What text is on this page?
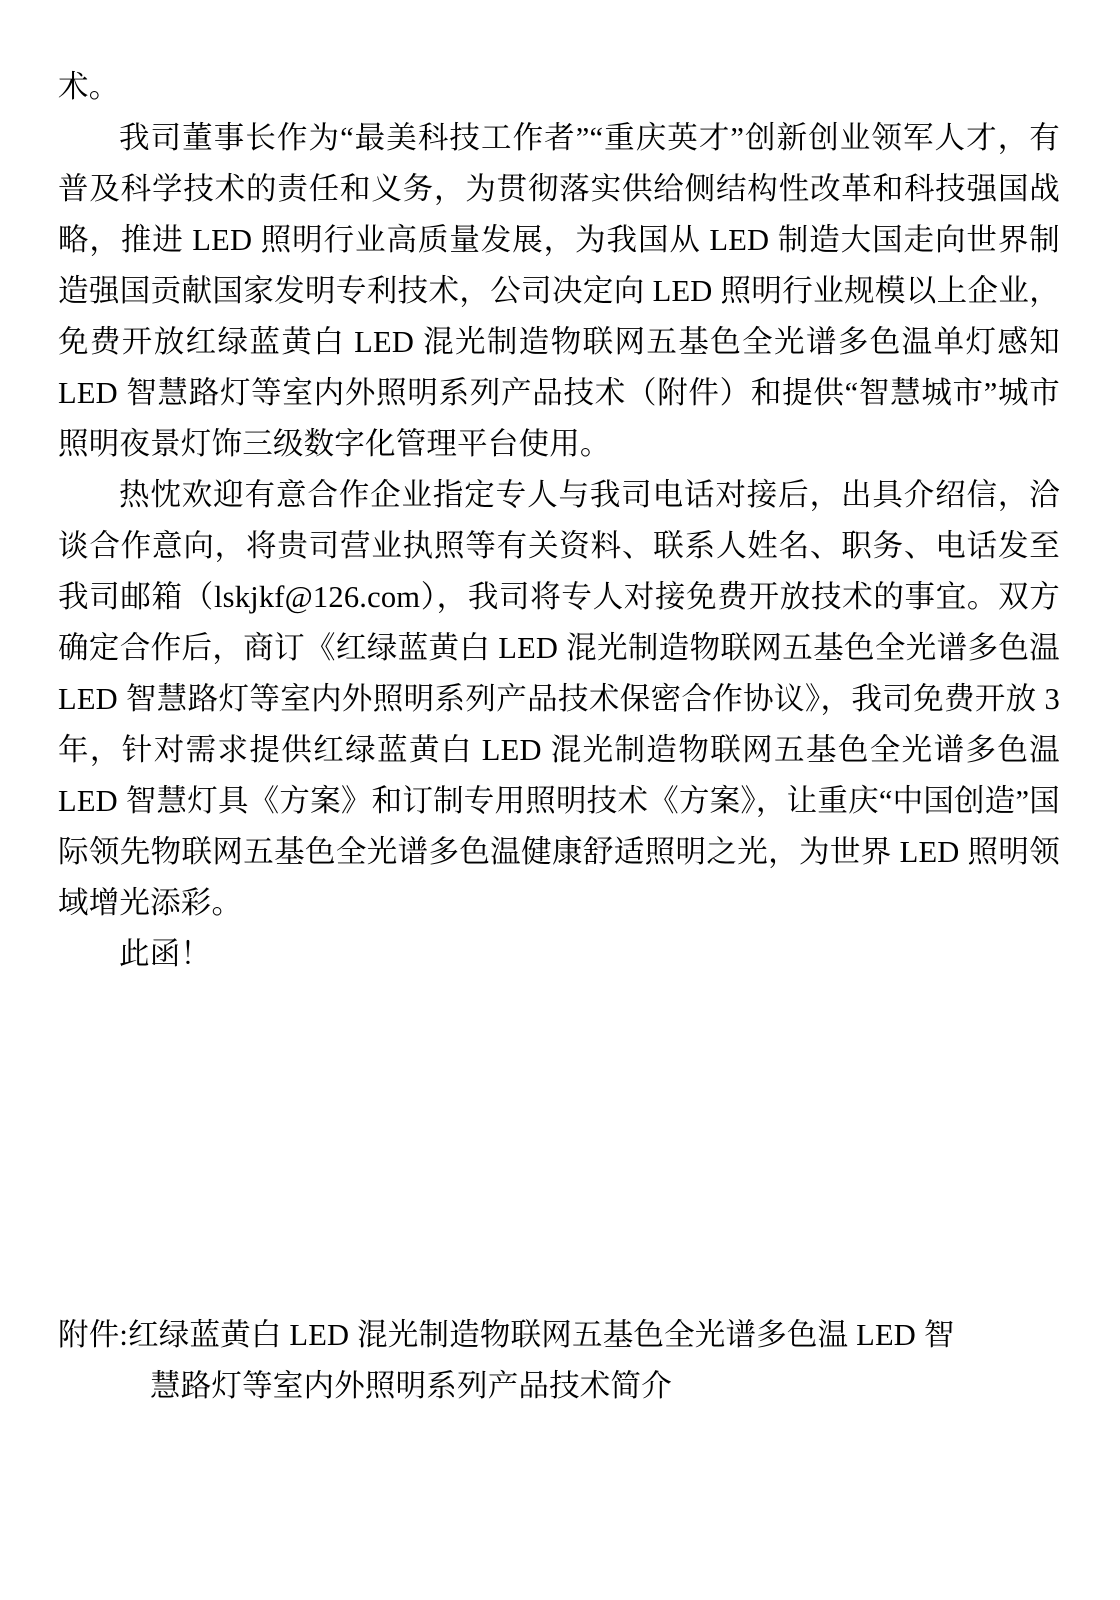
术。

我司董事长作为“最美科技工作者”“重庆英才”创新创业领军人才，有普及科学技术的责任和义务，为贯彻落实供给侧结构性改革和科技强国战略，推进 LED 照明行业高质量发展，为我国从 LED 制造大国走向世界制造强国贡献国家发明专利技术，公司决定向 LED 照明行业规模以上企业，免费开放红绿蓝黄白 LED 混光制造物联网五基色全光谱多色温单灯感知 LED 智慧路灯等室内外照明系列产品技术（附件）和提供“智慧城市”城市照明夜景灯饰三级数字化管理平台使用。

热忱欢迎有意合作企业指定专人与我司电话对接后，出具介绍信，洽谈合作意向，将贵司营业执照等有关资料、联系人姓名、职务、电话发至我司邮箱（lskjkf@126.com），我司将专人对接免费开放技术的事宜。双方确定合作后，商订《红绿蓝黄白 LED 混光制造物联网五基色全光谱多色温 LED 智慧路灯等室内外照明系列产品技术保密合作协议》，我司免费开放 3 年，针对需求提供红绿蓝黄白 LED 混光制造物联网五基色全光谱多色温 LED 智慧灯具《方案》和订制专用照明技术《方案》，让重庆“中国创造”国际领先物联网五基色全光谱多色温健康舒适照明之光，为世界 LED 照明领域增光添彩。

此函！

附件:红绿蓝黄白 LED 混光制造物联网五基色全光谱多色温 LED 智

慧路灯等室内外照明系列产品技术简介
